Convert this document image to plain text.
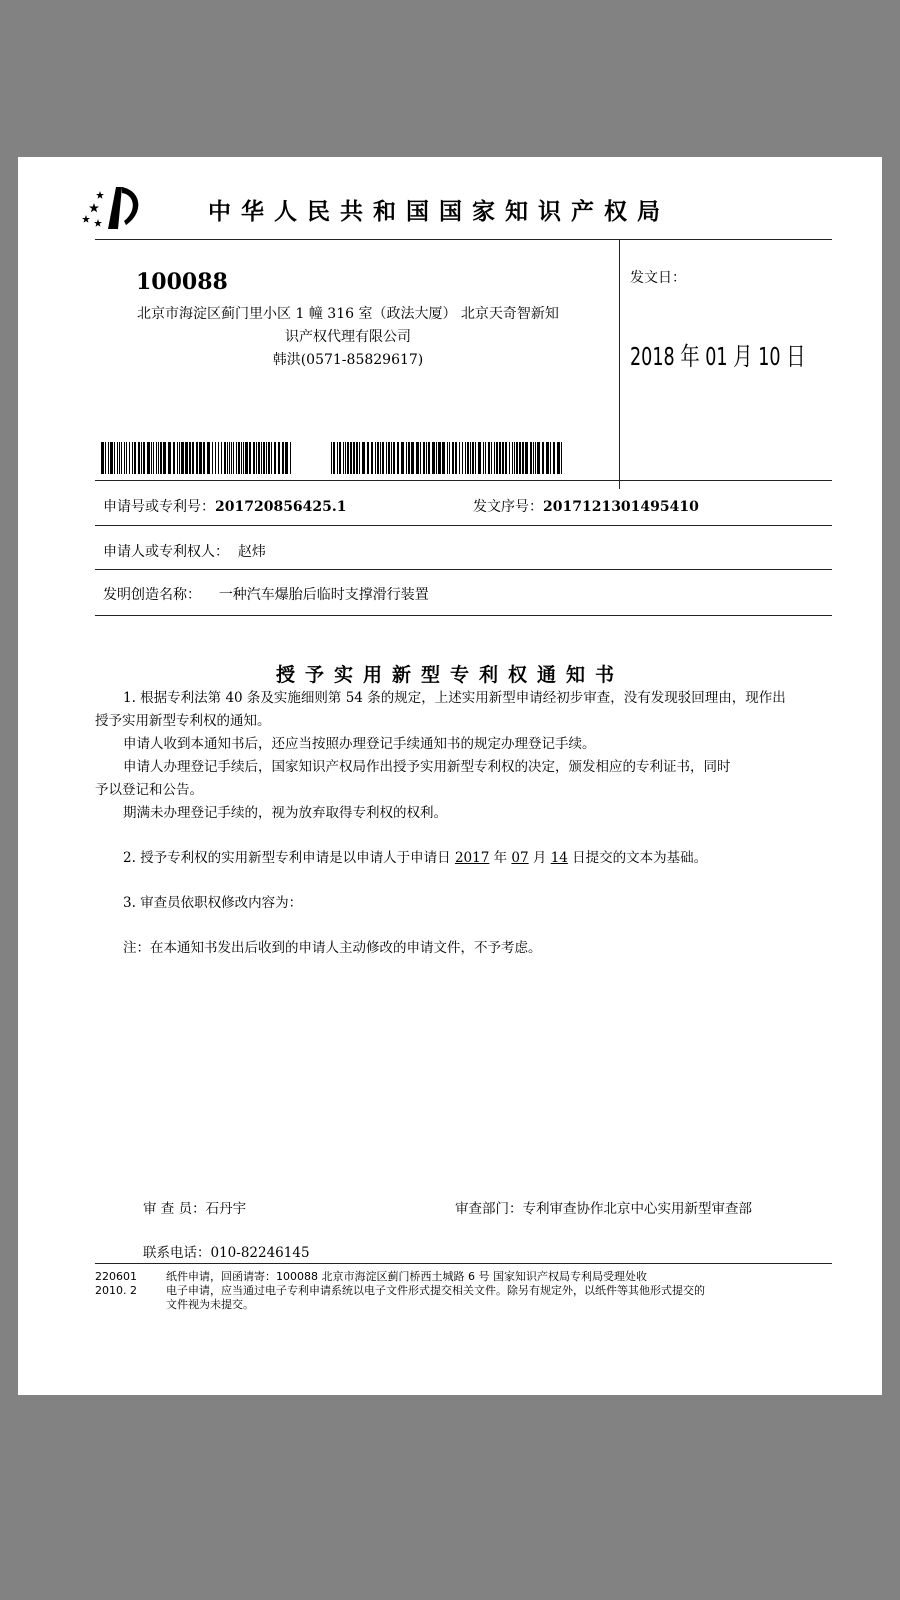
中华人民共和国国家知识产权局
100088
北京市海淀区蓟门里小区 1 幢 316 室（政法大厦） 北京天奇智新知
识产权代理有限公司
韩洪(0571-85829617)
发文日：
2018 年 01 月 10 日
申请号或专利号：201720856425.1	发文序号：2017121301495410
申请人或专利权人： 赵炜
发明创造名称： 一种汽车爆胎后临时支撑滑行装置
授予实用新型专利权通知书
1. 根据专利法第 40 条及实施细则第 54 条的规定，上述实用新型申请经初步审查，没有发现驳回理由，现作出
授予实用新型专利权的通知。
申请人收到本通知书后，还应当按照办理登记手续通知书的规定办理登记手续。
申请人办理登记手续后，国家知识产权局作出授予实用新型专利权的决定，颁发相应的专利证书，同时
予以登记和公告。
期满未办理登记手续的，视为放弃取得专利权的权利。
2. 授予专利权的实用新型专利申请是以申请人于申请日 2017 年 07 月 14 日提交的文本为基础。
3. 审查员依职权修改内容为：
注：在本通知书发出后收到的申请人主动修改的申请文件，不予考虑。
审 查 员：石丹宇	审查部门：专利审查协作北京中心实用新型审查部
联系电话：010-82246145
220601
2010. 2
纸件申请，回函请寄：100088 北京市海淀区蓟门桥西土城路 6 号 国家知识产权局专利局受理处收
电子申请，应当通过电子专利申请系统以电子文件形式提交相关文件。除另有规定外，以纸件等其他形式提交的
文件视为未提交。
